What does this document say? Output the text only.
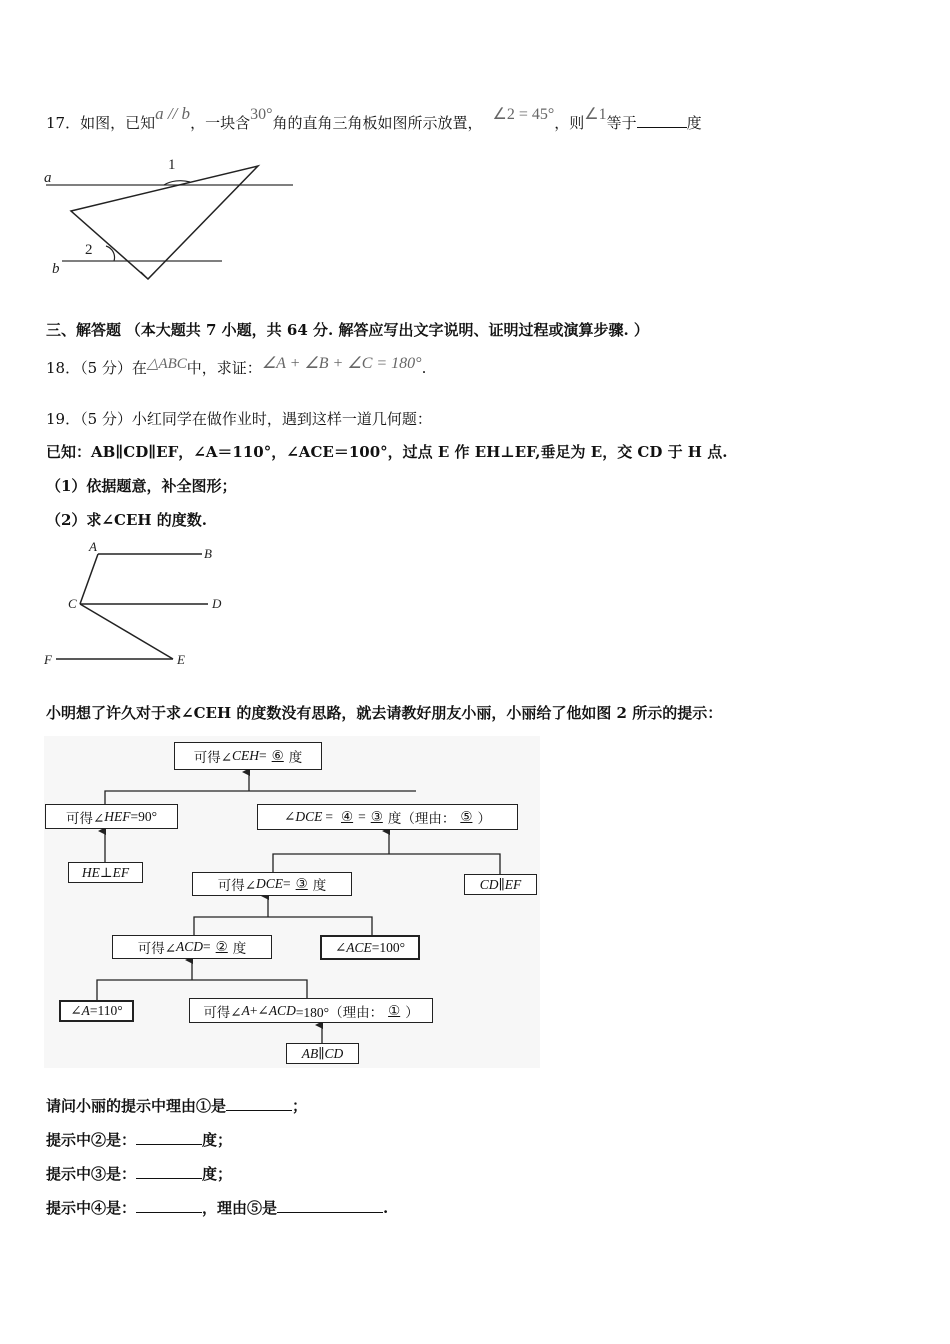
17．如图，已知a // b，一块含30°角的直角三角板如图所示放置， ∠2 = 45°，则∠1等于	度
a
b
1
2
三、解答题 （本大题共 7 小题，共 64 分. 解答应写出文字说明、证明过程或演算步骤. ）
18．（5 分）在△ABC中，求证：∠A + ∠B + ∠C = 180°.
19．（5 分）小红同学在做作业时，遇到这样一道几何题：
已知：AB∥CD∥EF，∠A＝110°，∠ACE＝100°，过点 E 作 EH⊥EF,垂足为 E，交 CD 于 H 点.
（1）依据题意，补全图形；
（2）求∠CEH 的度数.
A	B
C	D
E
F
小明想了许久对于求∠CEH 的度数没有思路，就去请教好朋友小丽，小丽给了他如图 2 所示的提示：
可得∠ CEH = ⑥ 度
可得∠ HEF =90°	∠ DCE = ④ = ③ 度（理由： ⑤ ）
HE ⊥ EF
可得∠ DCE = ③ 度	CD ∥ EF
可得∠ ACD = ② 度	∠ ACE =100°
∠ A =110°	可得∠ A +∠ ACD =180°（理由： ① ）
AB ∥ CD
请问小丽的提示中理由①是	；
提示中②是：	度；
提示中③是：	度；
提示中④是：	，理由⑤是	.
